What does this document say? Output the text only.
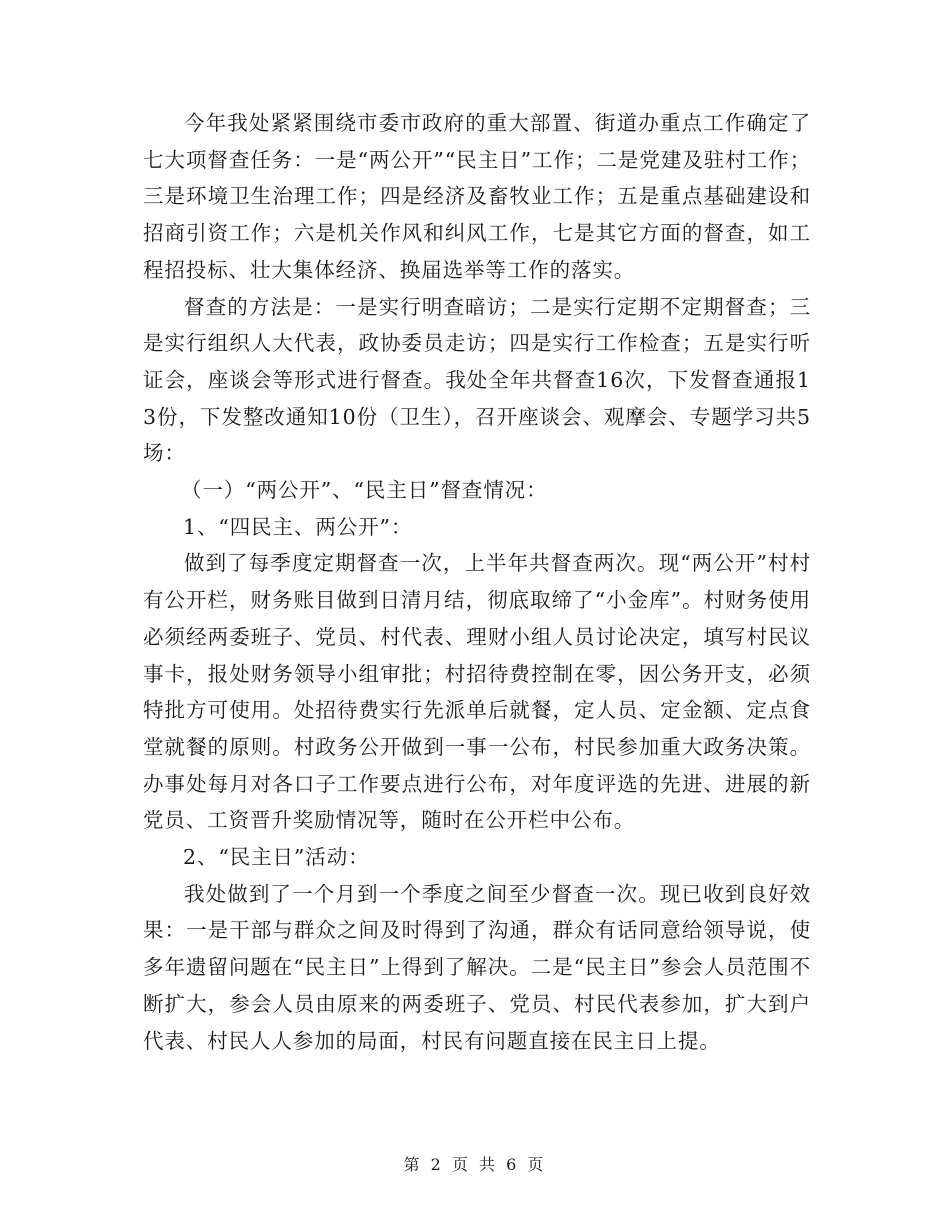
今年我处紧紧围绕市委市政府的重大部置、街道办重点工作确定了七大项督查任务：一是“两公开”“民主日”工作；二是党建及驻村工作；三是环境卫生治理工作；四是经济及畜牧业工作；五是重点基础建设和招商引资工作；六是机关作风和纠风工作，七是其它方面的督查，如工程招投标、壮大集体经济、换届选举等工作的落实。

督查的方法是：一是实行明查暗访；二是实行定期不定期督查；三是实行组织人大代表，政协委员走访；四是实行工作检查；五是实行听证会，座谈会等形式进行督查。我处全年共督查16次，下发督查通报13份，下发整改通知10份（卫生），召开座谈会、观摩会、专题学习共5场：

（一）“两公开”、“民主日”督查情况：

1、“四民主、两公开”：

做到了每季度定期督查一次，上半年共督查两次。现“两公开”村村有公开栏，财务账目做到日清月结，彻底取缔了“小金库”。村财务使用必须经两委班子、党员、村代表、理财小组人员讨论决定，填写村民议事卡，报处财务领导小组审批；村招待费控制在零，因公务开支，必须特批方可使用。处招待费实行先派单后就餐，定人员、定金额、定点食堂就餐的原则。村政务公开做到一事一公布，村民参加重大政务决策。办事处每月对各口子工作要点进行公布，对年度评选的先进、进展的新党员、工资晋升奖励情况等，随时在公开栏中公布。

2、“民主日”活动：

我处做到了一个月到一个季度之间至少督查一次。现已收到良好效果：一是干部与群众之间及时得到了沟通，群众有话同意给领导说，使多年遗留问题在“民主日”上得到了解决。二是“民主日”参会人员范围不断扩大，参会人员由原来的两委班子、党员、村民代表参加，扩大到户代表、村民人人参加的局面，村民有问题直接在民主日上提。

第 2 页 共 6 页
